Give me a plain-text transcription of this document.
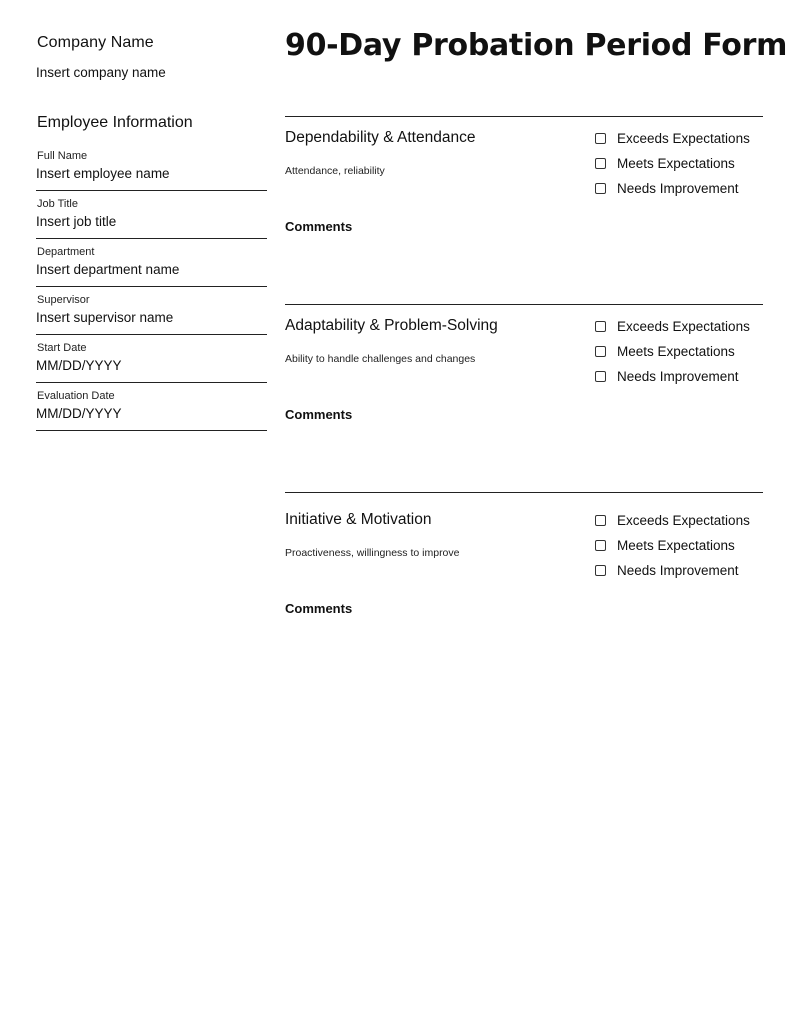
Company Name
Insert company name
90-Day Probation Period Form
Employee Information
Full Name
Insert employee name
Job Title
Insert job title
Department
Insert department name
Supervisor
Insert supervisor name
Start Date
MM/DD/YYYY
Evaluation Date
MM/DD/YYYY
Dependability & Attendance
Attendance, reliability
Comments
Exceeds Expectations
Meets Expectations
Needs Improvement
Adaptability & Problem-Solving
Ability to handle challenges and changes
Comments
Exceeds Expectations
Meets Expectations
Needs Improvement
Initiative & Motivation
Proactiveness, willingness to improve
Comments
Exceeds Expectations
Meets Expectations
Needs Improvement
